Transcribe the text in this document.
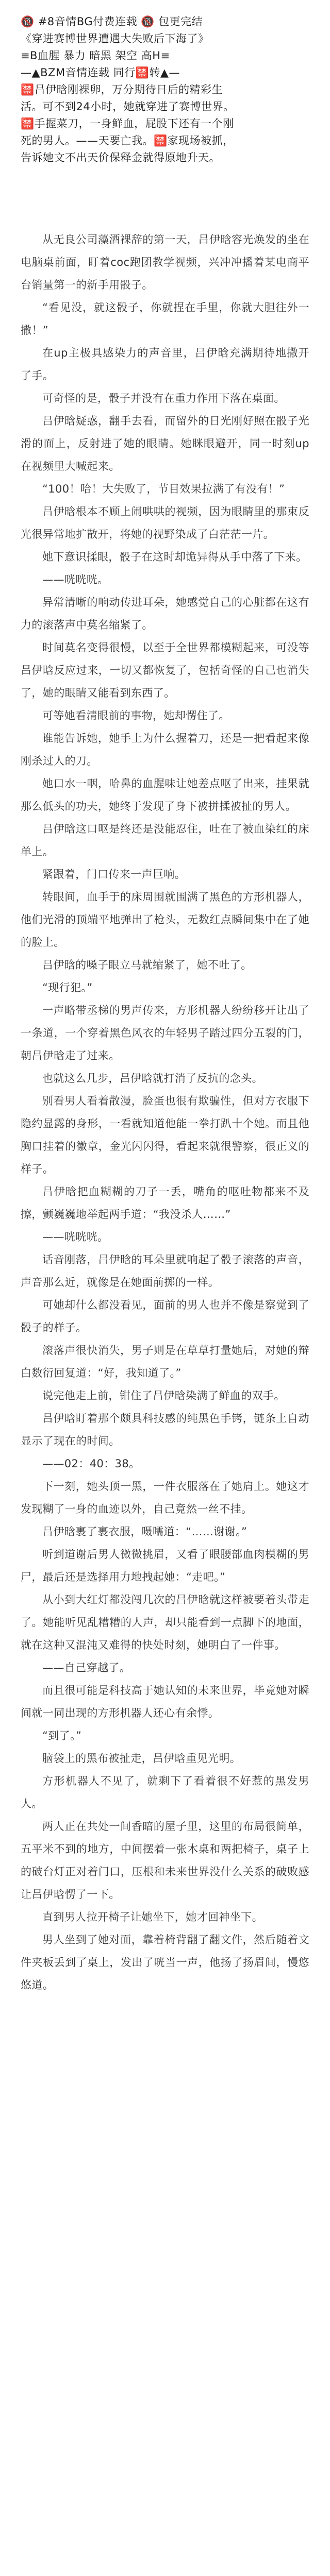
🔞 #8音情BG付费连载 🔞 包更完结

《穿进赛博世界遭遇大失败后下海了》

≡B血腥 暴力 暗黑 架空 高H≡

—▲BZM音情连载 同行🈲转▲—

🈲吕伊晗刚裸卵，万分期待日后的精彩生

活。可不到24小时，她就穿进了赛博世界。

🈲手握菜刀，一身鲜血，屁股下还有一个刚

死的男人。——天要亡我。🈲家现场被抓，

告诉她文不出天价保释金就得原地升天。

从无良公司藻酒裸辞的第一天，吕伊晗容光焕发的坐在电脑桌前面，盯着coc跑团教学视频，兴冲冲播着某电商平台销量第一的新手用骰子。

“看见没，就这骰子，你就捏在手里，你就大胆往外一撒！”

在up主极具感染力的声音里，吕伊晗充满期待地撒开了手。

可奇怪的是，骰子并没有在重力作用下落在桌面。

吕伊晗疑惑，翻手去看，而留外的日光刚好照在骰子光滑的面上，反射进了她的眼睛。她眯眼避开，同一时刻up在视频里大喊起来。

“100！哈！大失败了，节目效果拉满了有没有！”

吕伊晗根本不顾上闹哄哄的视频，因为眼睛里的那束反光很异常地扩散开，将她的视野染成了白茫茫一片。

她下意识揉眼，骰子在这时却诡异得从手中落了下来。

——咣咣咣。

异常清晰的响动传进耳朵，她感觉自己的心脏都在这有力的滚落声中莫名缩紧了。

时间莫名变得很慢，以至于全世界都模糊起来，可没等吕伊晗反应过来，一切又都恢复了，包括奇怪的自己也消失了，她的眼睛又能看到东西了。

可等她看清眼前的事物，她却愣住了。

谁能告诉她，她手上为什么握着刀，还是一把看起来像刚杀过人的刀。

她口水一咽，哈鼻的血腥味让她差点呕了出来，挂果就那么低头的功夫，她终于发现了身下被拼揉被扯的男人。

吕伊晗这口呕是终还是没能忍住，吐在了被血染红的床单上。

紧跟着，门口传来一声巨响。

转眼间，血手于的床周围就围满了黑色的方形机器人，他们光滑的顶端平地弹出了枪头，无数红点瞬间集中在了她的脸上。

吕伊晗的嗓子眼立马就缩紧了，她不吐了。

“现行犯。”

一声略带丞梯的男声传来，方形机器人纷纷移开让出了一条道，一个穿着黑色风衣的年轻男子踏过四分五裂的门，朝吕伊晗走了过来。

也就这么几步，吕伊晗就打消了反抗的念头。

别看男人看着散漫，脸蛋也很有欺骗性，但对方衣服下隐约显露的身形，一看就知道他能一拳打趴十个她。而且他胸口挂着的徽章，金光闪闪得，看起来就很警察，很正义的样子。

吕伊晗把血糊糊的刀子一丢，嘴角的呕吐物都来不及擦，颤巍巍地举起两手道：“我没杀人……”

——咣咣咣。

话音刚落，吕伊晗的耳朵里就响起了骰子滚落的声音，声音那么近，就像是在她面前掷的一样。

可她却什么都没看见，面前的男人也并不像是察觉到了骰子的样子。

滚落声很快消失，男子则是在草草打量她后，对她的辩白数衍回复道：“好，我知道了。”

说完他走上前，钳住了吕伊晗染满了鲜血的双手。

吕伊晗盯着那个颇具科技感的纯黑色手铐，链条上自动显示了现在的时间。

——02：40：38。

下一刻，她头顶一黑，一件衣服落在了她肩上。她这才发现糊了一身的血迹以外，自己竟然一丝不挂。

吕伊晗裹了裹衣服，嗫嚅道：“……谢谢。”

听到道谢后男人微微挑眉，又看了眼腰部血肉模糊的男尸，最后还是选择用力地拽起她：“走吧。”

从小到大红灯都没闯几次的吕伊晗就这样被要着头带走了。她能听见乱糟糟的人声，却只能看到一点脚下的地面，就在这种又混沌又难得的快处时刻，她明白了一件事。

——自己穿越了。

而且很可能是科技高于她认知的未来世界，毕竟她对瞬间就一同出现的方形机器人还心有余悸。

“到了。”

脑袋上的黑布被扯走，吕伊晗重见光明。

方形机器人不见了，就剩下了看着很不好惹的黑发男人。

两人正在共处一间香暗的屋子里，这里的布局很简单，五平米不到的地方，中间摆着一张木桌和两把椅子，桌子上的破台灯正对着门口，压根和未来世界没什么关系的破败感让吕伊晗愣了一下。

直到男人拉开椅子让她坐下，她才回神坐下。

男人坐到了她对面，靠着椅背翻了翻文件，然后随着文件夹板丢到了桌上，发出了咣当一声，他扬了扬眉间，慢悠悠道。
